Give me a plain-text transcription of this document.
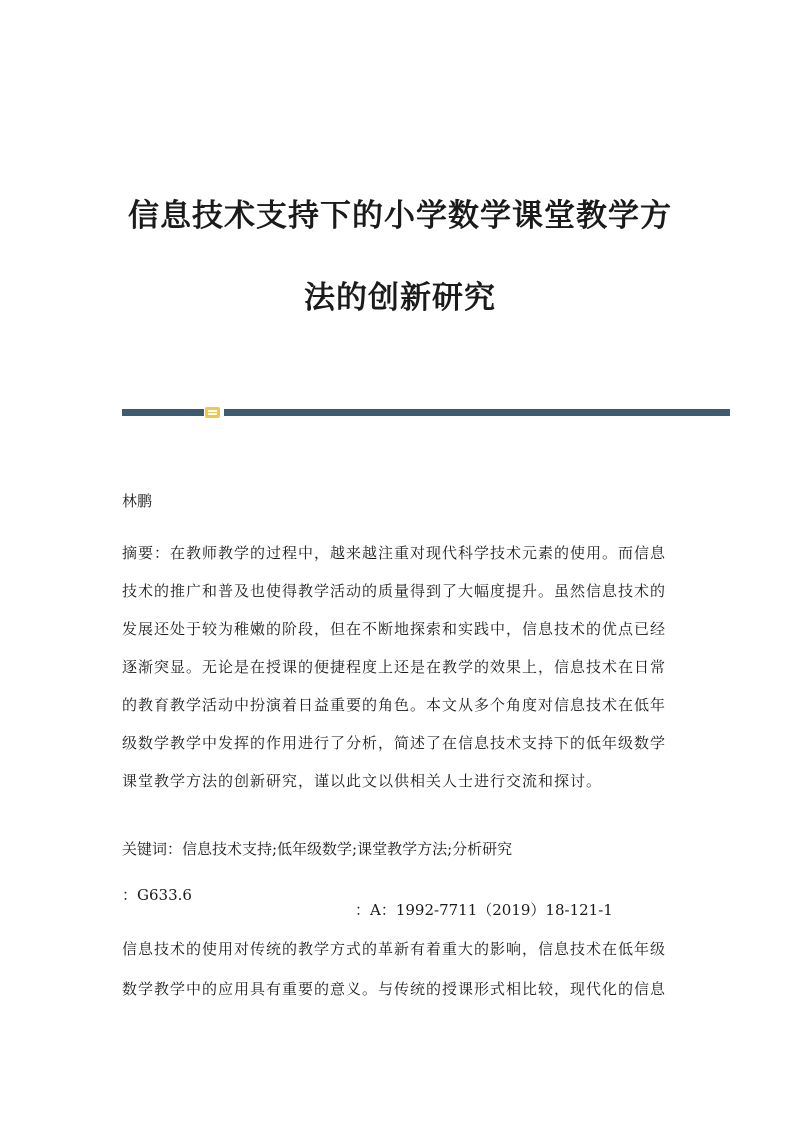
信息技术支持下的小学数学课堂教学方
法的创新研究

林鹏

摘要：在教师教学的过程中，越来越注重对现代科学技术元素的使用。而信息
技术的推广和普及也使得教学活动的质量得到了大幅度提升。虽然信息技术的
发展还处于较为稚嫩的阶段，但在不断地探索和实践中，信息技术的优点已经
逐渐突显。无论是在授课的便捷程度上还是在教学的效果上，信息技术在日常
的教育教学活动中扮演着日益重要的角色。本文从多个角度对信息技术在低年
级数学教学中发挥的作用进行了分析，简述了在信息技术支持下的低年级数学
课堂教学方法的创新研究，谨以此文以供相关人士进行交流和探讨。

关键词：信息技术支持;低年级数学;课堂教学方法;分析研究

：G633.6

：A：1992-7711（2019）18-121-1

信息技术的使用对传统的教学方式的革新有着重大的影响，信息技术在低年级
数学教学中的应用具有重要的意义。与传统的授课形式相比较，现代化的信息
